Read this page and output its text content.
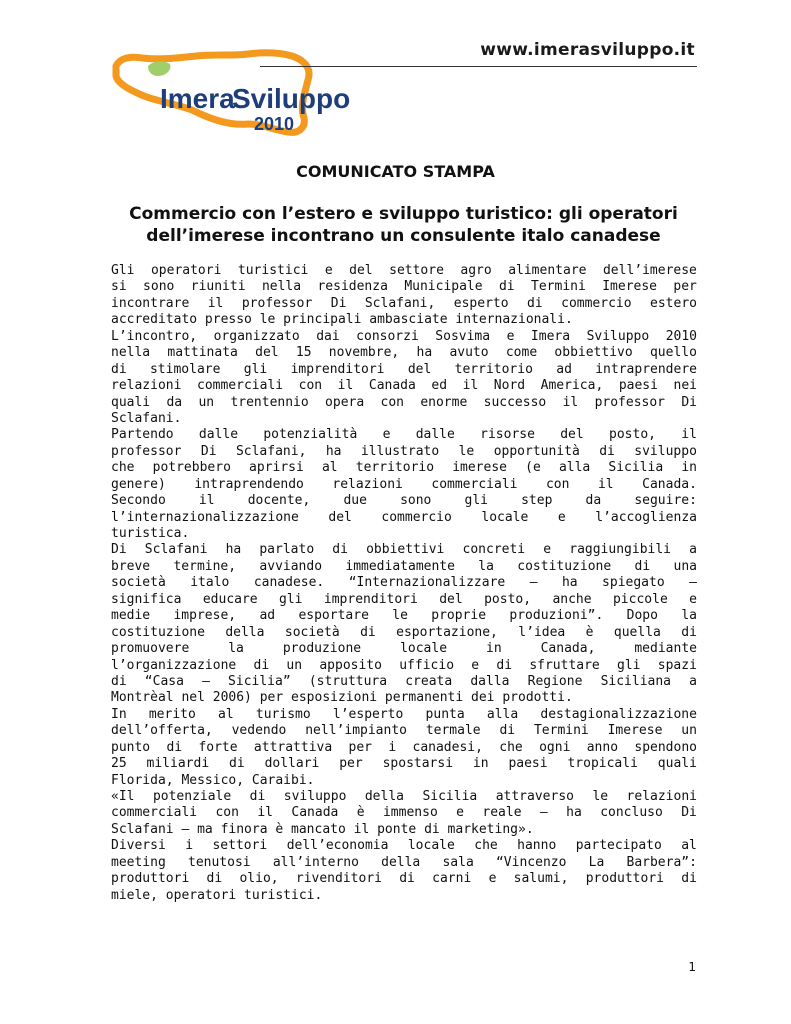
Imera
Sviluppo
2010
www.imerasviluppo.it
COMUNICATO STAMPA
Commercio con l’estero e sviluppo turistico: gli operatori
dell’imerese incontrano un consulente italo canadese
Gli operatori turistici e del settore agro alimentare dell’imerese
si sono riuniti nella residenza Municipale di Termini Imerese per
incontrare il professor Di Sclafani, esperto di commercio estero
accreditato presso le principali ambasciate internazionali.
L’incontro, organizzato dai consorzi Sosvima e Imera Sviluppo 2010
nella mattinata del 15 novembre, ha avuto come obbiettivo quello
di stimolare gli imprenditori del territorio ad intraprendere
relazioni commerciali con il Canada ed il Nord America, paesi nei
quali da un trentennio opera con enorme successo il professor Di
Sclafani.
Partendo dalle potenzialità e dalle risorse del posto, il
professor Di Sclafani, ha illustrato le opportunità di sviluppo
che potrebbero aprirsi al territorio imerese (e alla Sicilia in
genere) intraprendendo relazioni commerciali con il Canada.
Secondo	il	docente,	due	sono	gli	step	da	seguire:
l’internazionalizzazione del commercio locale e l’accoglienza
turistica.
Di Sclafani ha parlato di obbiettivi concreti e raggiungibili a
breve termine, avviando immediatamente la costituzione di una
società italo canadese. “Internazionalizzare – ha spiegato –
significa educare gli imprenditori del posto, anche piccole e
medie imprese, ad esportare le proprie produzioni”. Dopo la
costituzione della società di esportazione, l’idea è quella di
promuovere	la	produzione	locale	in	Canada,	mediante
l’organizzazione di un apposito ufficio e di sfruttare gli spazi
di “Casa – Sicilia” (struttura creata dalla Regione Siciliana a
Montrèal nel 2006) per esposizioni permanenti dei prodotti.
In merito al turismo l’esperto punta alla destagionalizzazione
dell’offerta, vedendo nell’impianto termale di Termini Imerese un
punto di forte attrattiva per i canadesi, che ogni anno spendono
25 miliardi di dollari per spostarsi in paesi tropicali quali
Florida, Messico, Caraibi.
«Il potenziale di sviluppo della Sicilia attraverso le relazioni
commerciali con il Canada è immenso e reale – ha concluso Di
Sclafani – ma finora è mancato il ponte di marketing».
Diversi i settori dell’economia locale che hanno partecipato al
meeting tenutosi all’interno della sala “Vincenzo La Barbera”:
produttori di olio, rivenditori di carni e salumi, produttori di
miele, operatori turistici.
1
